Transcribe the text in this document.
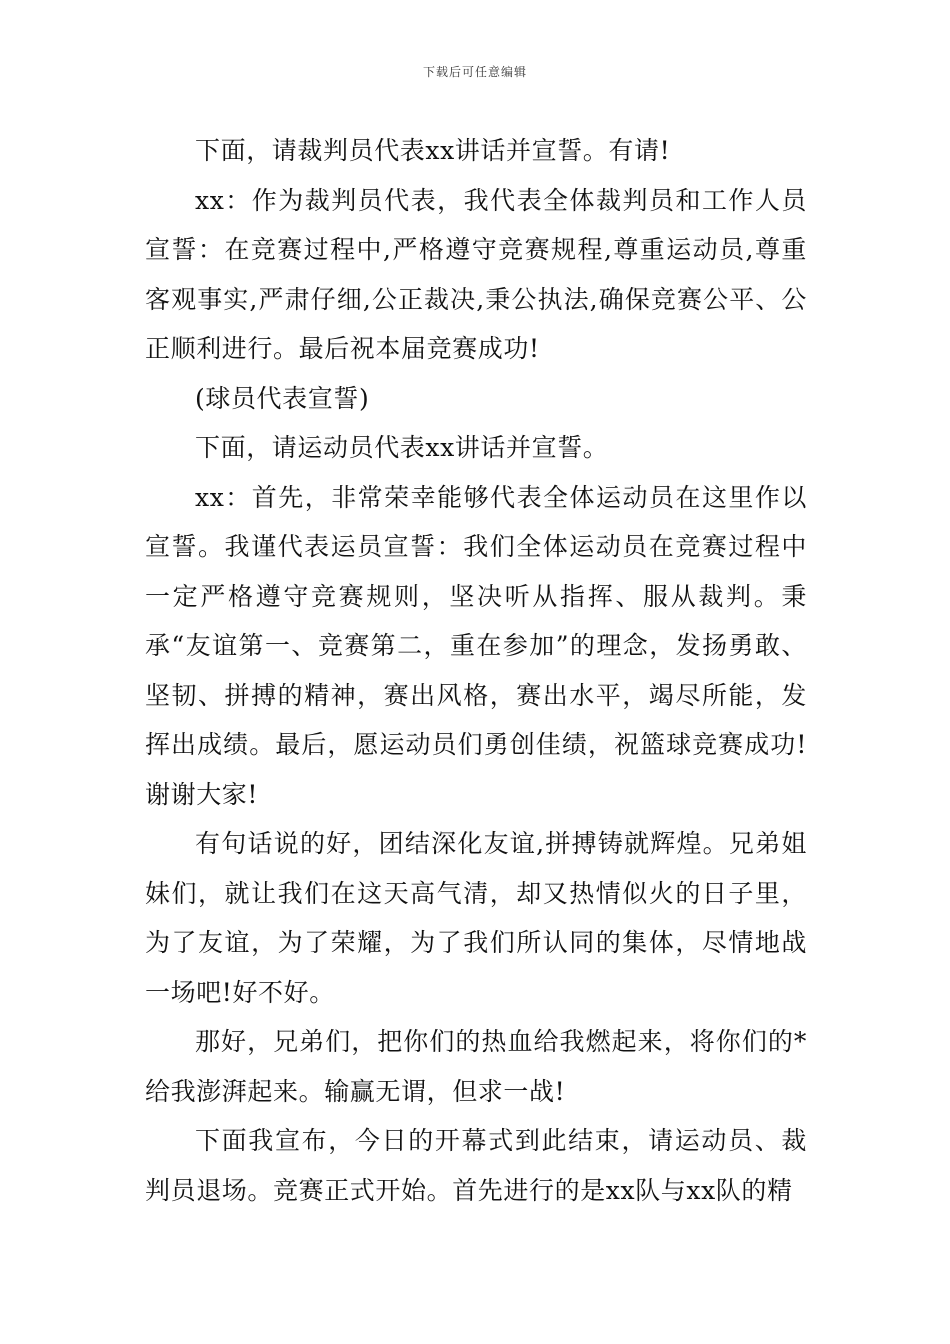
下载后可任意编辑

下面，请裁判员代表xx讲话并宣誓。有请!

xx：作为裁判员代表，我代表全体裁判员和工作人员宣誓：在竞赛过程中,严格遵守竞赛规程,尊重运动员,尊重客观事实,严肃仔细,公正裁决,秉公执法,确保竞赛公平、公正顺利进行。最后祝本届竞赛成功!

(球员代表宣誓)

下面，请运动员代表xx讲话并宣誓。

xx：首先，非常荣幸能够代表全体运动员在这里作以宣誓。我谨代表运员宣誓：我们全体运动员在竞赛过程中一定严格遵守竞赛规则，坚决听从指挥、服从裁判。秉承“友谊第一、竞赛第二，重在参加”的理念，发扬勇敢、坚韧、拼搏的精神，赛出风格，赛出水平，竭尽所能，发挥出成绩。最后，愿运动员们勇创佳绩，祝篮球竞赛成功!谢谢大家!

有句话说的好，团结深化友谊,拼搏铸就辉煌。兄弟姐妹们，就让我们在这天高气清，却又热情似火的日子里，为了友谊，为了荣耀，为了我们所认同的集体，尽情地战一场吧!好不好。

那好，兄弟们，把你们的热血给我燃起来，将你们的*给我澎湃起来。输赢无谓，但求一战!

下面我宣布，今日的开幕式到此结束，请运动员、裁判员退场。竞赛正式开始。首先进行的是xx队与xx队的精
